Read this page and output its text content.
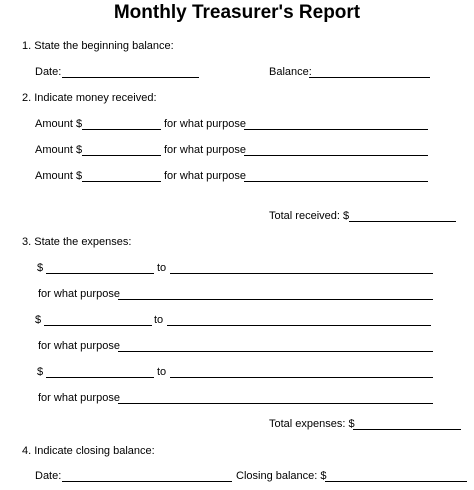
Monthly Treasurer's Report
1. State the beginning balance:
Date:	Balance:
2. Indicate money received:
Amount $	for what purpose
Amount $	for what purpose
Amount $	for what purpose
Total received: $
3. State the expenses:
$	to
for what purpose
$	to
for what purpose
$	to
for what purpose
Total expenses: $
4. Indicate closing balance:
Date:	Closing balance: $
